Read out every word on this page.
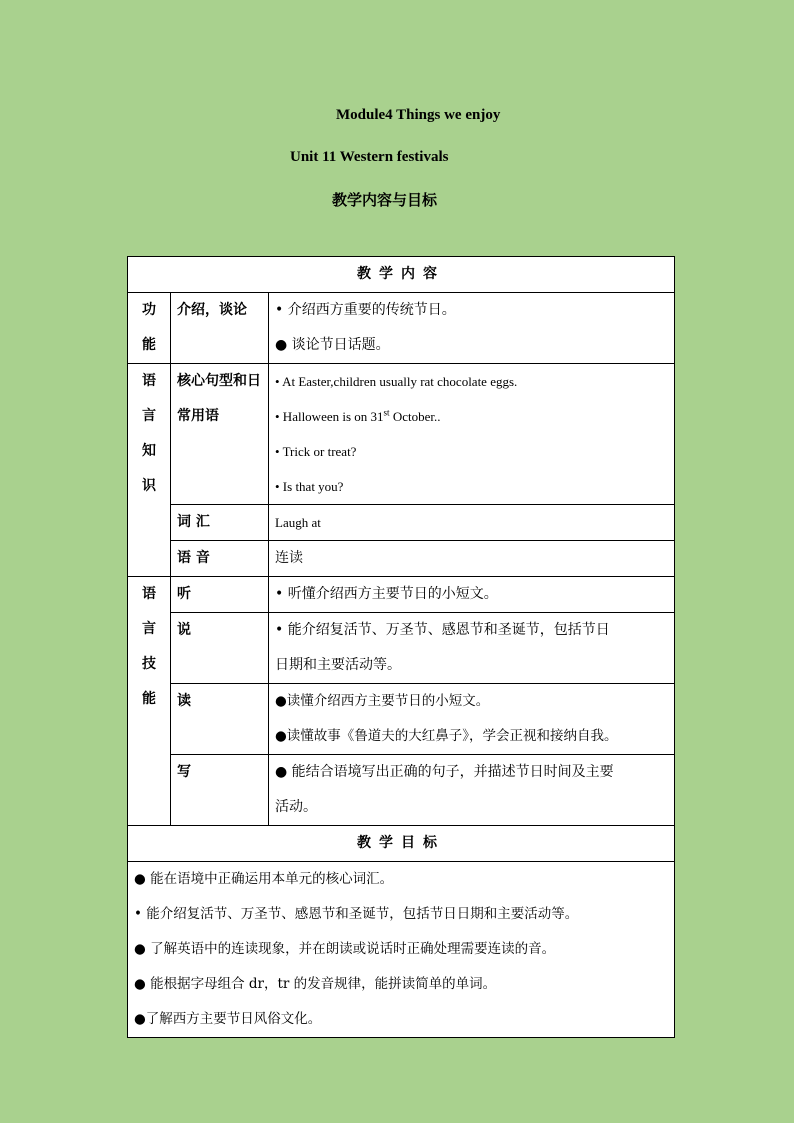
Module4 Things we enjoy
Unit 11 Western festivals
教学内容与目标
教学内容		

功
能	介绍，谈论	• 介绍西方重要的传统节日。
● 谈论节日话题。

语
言
知
识	核心句型和日常用语	• At Easter,children usually rat chocolate eggs.
• Halloween is on 31st October..
• Trick or treat?
• Is that you?

	词 汇	Laugh at
	语 音	连读

语
言
技
能	听	• 听懂介绍西方主要节日的小短文。
	说	• 能介绍复活节、万圣节、感恩节和圣诞节，包括节日
日期和主要活动等。

	读	●读懂介绍西方主要节日的小短文。
●读懂故事《鲁道夫的大红鼻子》，学会正视和接纳自我。

	写	● 能结合语境写出正确的句子，并描述节日时间及主要
活动。

教学目标		

● 能在语境中正确运用本单元的核心词汇。
• 能介绍复活节、万圣节、感恩节和圣诞节，包括节日日期和主要活动等。
● 了解英语中的连读现象，并在朗读或说话时正确处理需要连读的音。
● 能根据字母组合 dr，tr 的发音规律，能拼读简单的单词。
●了解西方主要节日风俗文化。		
